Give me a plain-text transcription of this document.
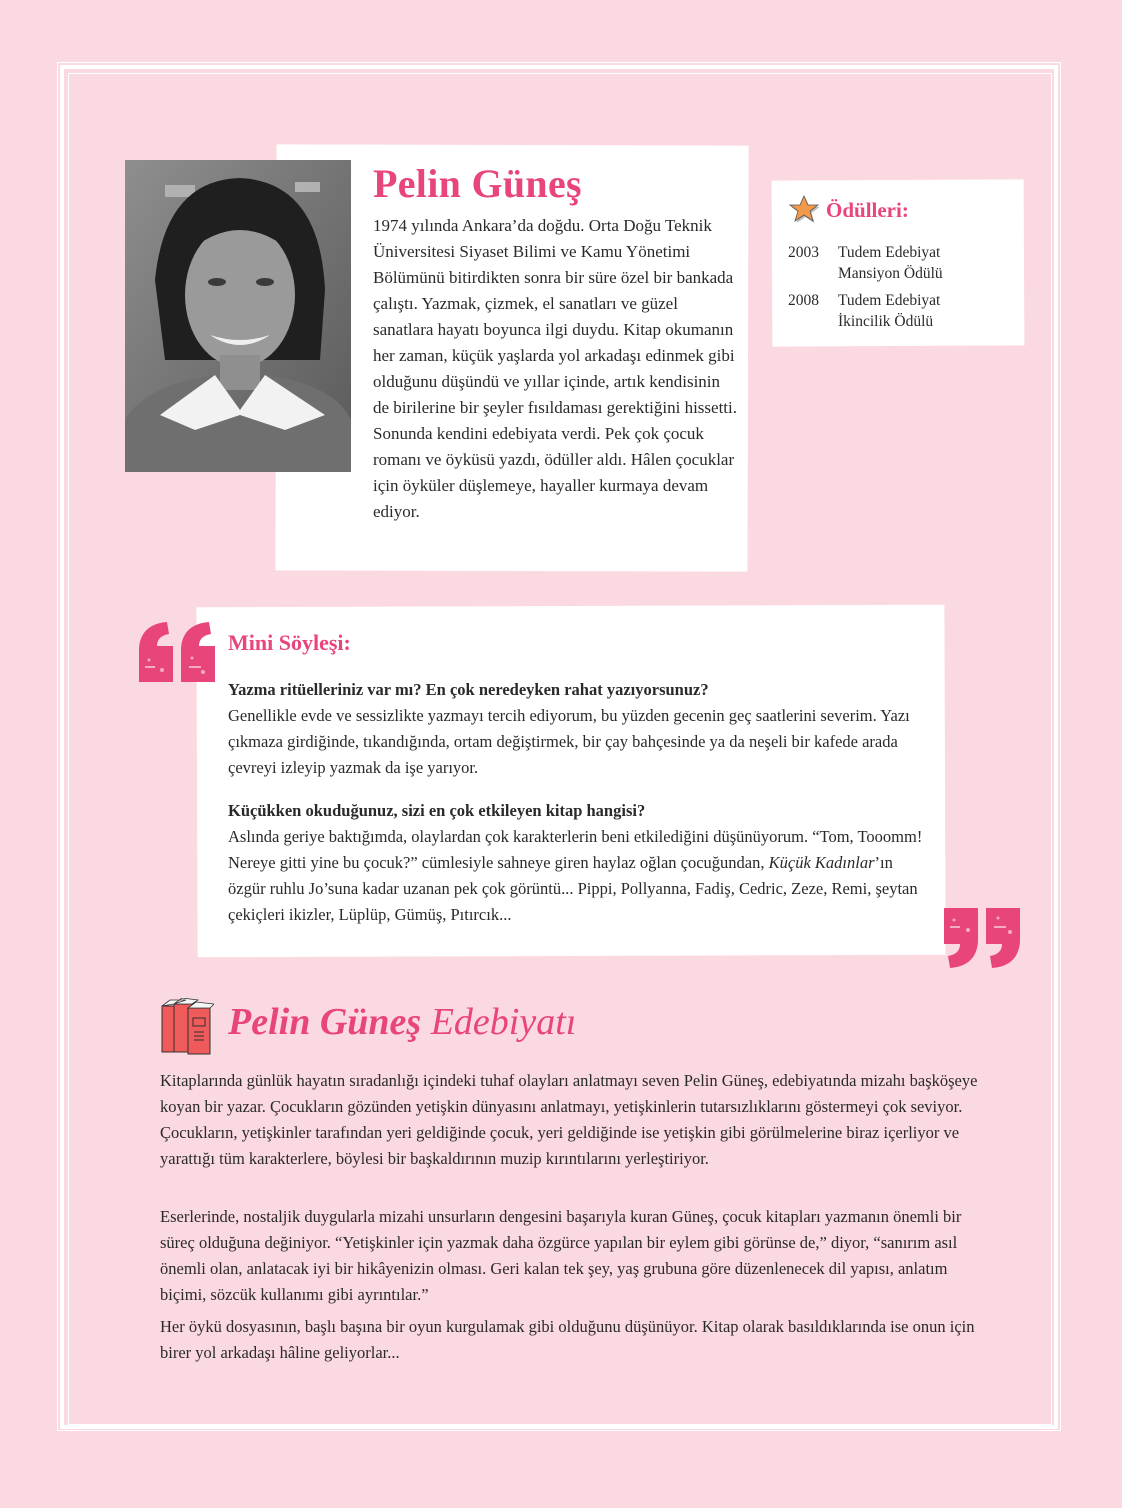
Pelin Güneş
1974 yılında Ankara’da doğdu. Orta Doğu Teknik Üniversitesi Siyaset Bilimi ve Kamu Yönetimi Bölümünü bitirdikten sonra bir süre özel bir bankada çalıştı. Yazmak, çizmek, el sanatları ve güzel sanatlara hayatı boyunca ilgi duydu. Kitap okumanın her zaman, küçük yaşlarda yol arkadaşı edinmek gibi olduğunu düşündü ve yıllar içinde, artık kendisinin de birilerine bir şeyler fısıldaması gerektiğini hissetti. Sonunda kendini edebiyata verdi. Pek çok çocuk romanı ve öyküsü yazdı, ödüller aldı. Hâlen çocuklar için öyküler düşlemeye, hayaller kurmaya devam ediyor.
Ödülleri:
2003 Tudem Edebiyat
Mansiyon Ödülü
2008 Tudem Edebiyat
İkincilik Ödülü
Mini Söyleşi:
Yazma ritüelleriniz var mı? En çok neredeyken rahat yazıyorsunuz?
Genellikle evde ve sessizlikte yazmayı tercih ediyorum, bu yüzden gecenin geç saatlerini severim. Yazı çıkmaza girdiğinde, tıkandığında, ortam değiştirmek, bir çay bahçesinde ya da neşeli bir kafede arada çevreyi izleyip yazmak da işe yarıyor.
Küçükken okuduğunuz, sizi en çok etkileyen kitap hangisi?
Aslında geriye baktığımda, olaylardan çok karakterlerin beni etkilediğini düşünüyorum. “Tom, Tooomm! Nereye gitti yine bu çocuk?” cümlesiyle sahneye giren haylaz oğlan çocuğundan, Küçük Kadınlar’ın özgür ruhlu Jo’suna kadar uzanan pek çok görüntü... Pippi, Pollyanna, Fadiş, Cedric, Zeze, Remi, şeytan çekiçleri ikizler, Lüplüp, Gümüş, Pıtırcık...
Pelin Güneş Edebiyatı
Kitaplarında günlük hayatın sıradanlığı içindeki tuhaf olayları anlatmayı seven Pelin Güneş, edebiyatında mizahı başköşeye koyan bir yazar. Çocukların gözünden yetişkin dünyasını anlatmayı, yetişkinlerin tutarsızlıklarını göstermeyi çok seviyor. Çocukların, yetişkinler tarafından yeri geldiğinde çocuk, yeri geldiğinde ise yetişkin gibi görülmelerine biraz içerliyor ve yarattığı tüm karakterlere, böylesi bir başkaldırının muzip kırıntılarını yerleştiriyor.
Eserlerinde, nostaljik duygularla mizahi unsurların dengesini başarıyla kuran Güneş, çocuk kitapları yazmanın önemli bir süreç olduğuna değiniyor. “Yetişkinler için yazmak daha özgürce yapılan bir eylem gibi görünse de,” diyor, “sanırım asıl önemli olan, anlatacak iyi bir hikâyenizin olması. Geri kalan tek şey, yaş grubuna göre düzenlenecek dil yapısı, anlatım biçimi, sözcük kullanımı gibi ayrıntılar.”
Her öykü dosyasının, başlı başına bir oyun kurgulamak gibi olduğunu düşünüyor. Kitap olarak basıldıklarında ise onun için birer yol arkadaşı hâline geliyorlar...
